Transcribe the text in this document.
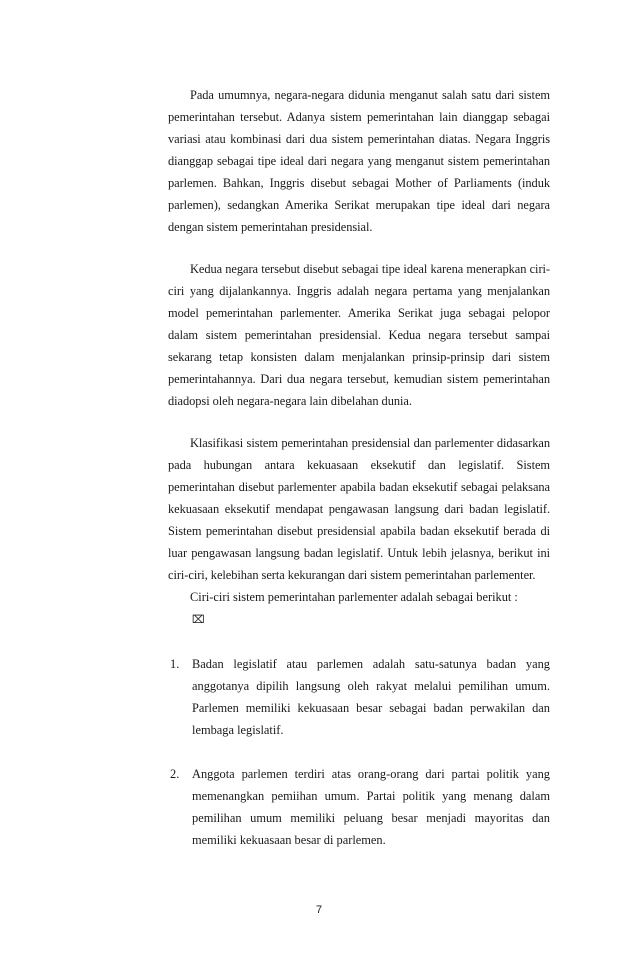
Pada umumnya, negara-negara didunia menganut salah satu dari sistem pemerintahan tersebut. Adanya sistem pemerintahan lain dianggap sebagai variasi atau kombinasi dari dua sistem pemerintahan diatas. Negara Inggris dianggap sebagai tipe ideal dari negara yang menganut sistem pemerintahan parlemen. Bahkan, Inggris disebut sebagai Mother of Parliaments (induk parlemen), sedangkan Amerika Serikat merupakan tipe ideal dari negara dengan sistem pemerintahan presidensial.

Kedua negara tersebut disebut sebagai tipe ideal karena menerapkan ciri-ciri yang dijalankannya. Inggris adalah negara pertama yang menjalankan model pemerintahan parlementer. Amerika Serikat juga sebagai pelopor dalam sistem pemerintahan presidensial. Kedua negara tersebut sampai sekarang tetap konsisten dalam menjalankan prinsip-prinsip dari sistem pemerintahannya. Dari dua negara tersebut, kemudian sistem pemerintahan diadopsi oleh negara-negara lain dibelahan dunia.

Klasifikasi sistem pemerintahan presidensial dan parlementer didasarkan pada hubungan antara kekuasaan eksekutif dan legislatif. Sistem pemerintahan disebut parlementer apabila badan eksekutif sebagai pelaksana kekuasaan eksekutif mendapat pengawasan langsung dari badan legislatif. Sistem pemerintahan disebut presidensial apabila badan eksekutif berada di luar pengawasan langsung badan legislatif. Untuk lebih jelasnya, berikut ini ciri-ciri, kelebihan serta kekurangan dari sistem pemerintahan parlementer.

Ciri-ciri sistem pemerintahan parlementer adalah sebagai berikut :⌧

1. Badan legislatif atau parlemen adalah satu-satunya badan yang anggotanya dipilih langsung oleh rakyat melalui pemilihan umum. Parlemen memiliki kekuasaan besar sebagai badan perwakilan dan lembaga legislatif.

2. Anggota parlemen terdiri atas orang-orang dari partai politik yang memenangkan pemiihan umum. Partai politik yang menang dalam pemilihan umum memiliki peluang besar menjadi mayoritas dan memiliki kekuasaan besar di parlemen.

7
